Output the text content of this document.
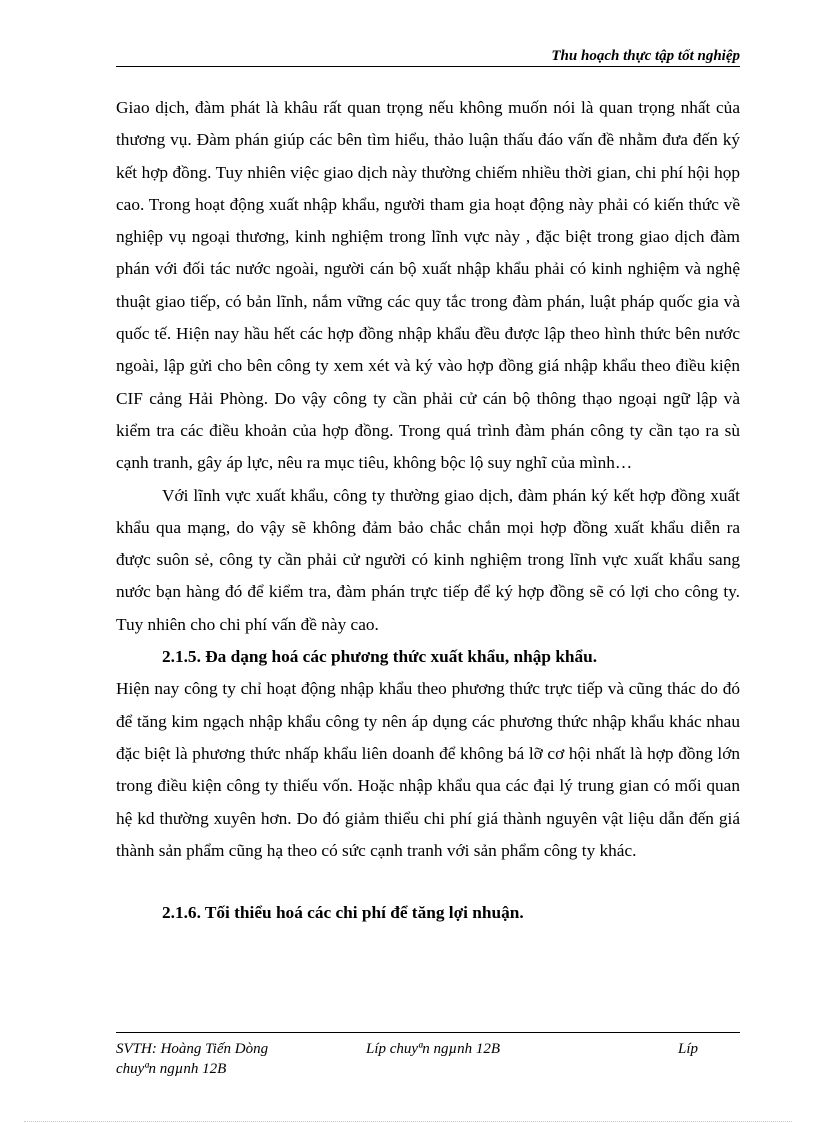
Thu hoạch thực tập tốt nghiệp

Giao dịch, đàm phát là khâu rất quan trọng nếu không muốn nói là quan trọng nhất của thương vụ. Đàm phán giúp các bên tìm hiểu, thảo luận thấu đáo vấn đề nhằm đưa đến ký kết hợp đồng. Tuy nhiên việc giao dịch này thường chiếm nhiều thời gian, chi phí hội họp cao. Trong hoạt động xuất nhập khẩu, người tham gia hoạt động này phải có kiến thức về nghiệp vụ ngoại thương, kinh nghiệm trong lĩnh vực này , đặc biệt trong giao dịch đàm phán với đối tác nước ngoài, người cán bộ xuất nhập khẩu phải có kinh nghiệm và nghệ thuật giao tiếp, có bản lĩnh, nắm vững các quy tắc trong đàm phán, luật pháp quốc gia và quốc tế. Hiện nay hầu hết các hợp đồng nhập khẩu đều được lập theo hình thức bên nước ngoài, lập gửi cho bên công ty xem xét và ký vào hợp đồng giá nhập khẩu theo điều kiện CIF cảng Hải Phòng. Do vậy công ty cần phải cử cán bộ thông thạo ngoại ngữ lập và kiểm tra các điều khoản của hợp đồng. Trong quá trình đàm phán công ty cần tạo ra sù cạnh tranh, gây áp lực, nêu ra mục tiêu, không bộc lộ suy nghĩ của mình…

Với lĩnh vực xuất khẩu, công ty thường giao dịch, đàm phán ký kết hợp đồng xuất khẩu qua mạng, do vậy sẽ không đảm bảo chắc chắn mọi hợp đồng xuất khẩu diễn ra được suôn sẻ, công ty cần phải cử người có kinh nghiệm trong lĩnh vực xuất khẩu sang nước bạn hàng đó để kiểm tra, đàm phán trực tiếp để ký hợp đồng sẽ có lợi cho công ty. Tuy nhiên cho chi phí vấn đề này cao.

2.1.5. Đa dạng hoá các phương thức xuất khẩu, nhập khẩu.

Hiện nay công ty chỉ hoạt động nhập khẩu theo phương thức trực tiếp và cũng thác do đó để tăng kim ngạch nhập khẩu công ty nên áp dụng các phương thức nhập khẩu khác nhau đặc biệt là phương thức nhấp khẩu liên doanh để không bá lỡ cơ hội nhất là hợp đồng lớn trong điều kiện công ty thiếu vốn. Hoặc nhập khẩu qua các đại lý trung gian có mối quan hệ kd thường xuyên hơn. Do đó giảm thiểu chi phí giá thành nguyên vật liệu dẫn đến giá thành sản phẩm cũng hạ theo có sức cạnh tranh với sản phẩm công ty khác.

2.1.6. Tối thiểu hoá các chi phí để tăng lợi nhuận.

SVTH: Hoàng Tiến Dòng	Líp chuyªn ngµnh 12B	Líp
chuyªn ngµnh 12B
